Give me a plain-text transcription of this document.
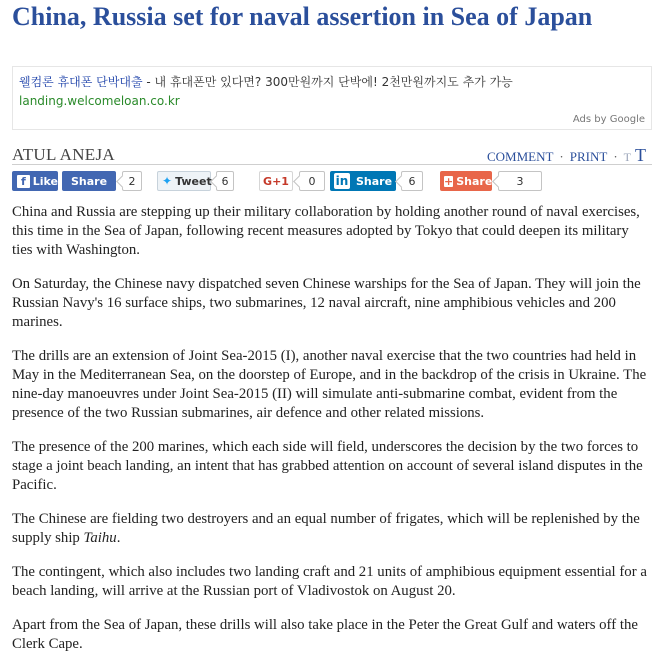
China, Russia set for naval assertion in Sea of Japan
웰컴론 휴대폰 단박대출 - 내 휴대폰만 있다면? 300만원까지 단박에! 2천만원까지도 추가 가능
landing.welcomeloan.co.kr
Ads by Google
ATUL ANEJA	COMMENT · PRINT · T T
f Like Share	2	✦ Tweet 6	G+1	0	in Share	6	+ Share	3

China and Russia are stepping up their military collaboration by holding another round of naval exercises, this time in the Sea of Japan, following recent measures adopted by Tokyo that could deepen its military ties with Washington.

On Saturday, the Chinese navy dispatched seven Chinese warships for the Sea of Japan. They will join the Russian Navy's 16 surface ships, two submarines, 12 naval aircraft, nine amphibious vehicles and 200 marines.

The drills are an extension of Joint Sea-2015 (I), another naval exercise that the two countries had held in May in the Mediterranean Sea, on the doorstep of Europe, and in the backdrop of the crisis in Ukraine. The nine-day manoeuvres under Joint Sea-2015 (II) will simulate anti-submarine combat, evident from the presence of the two Russian submarines, air defence and other related missions.

The presence of the 200 marines, which each side will field, underscores the decision by the two forces to stage a joint beach landing, an intent that has grabbed attention on account of several island disputes in the Pacific.

The Chinese are fielding two destroyers and an equal number of frigates, which will be replenished by the supply ship Taihu.

The contingent, which also includes two landing craft and 21 units of amphibious equipment essential for a beach landing, will arrive at the Russian port of Vladivostok on August 20.

Apart from the Sea of Japan, these drills will also take place in the Peter the Great Gulf and waters off the Clerk Cape.
